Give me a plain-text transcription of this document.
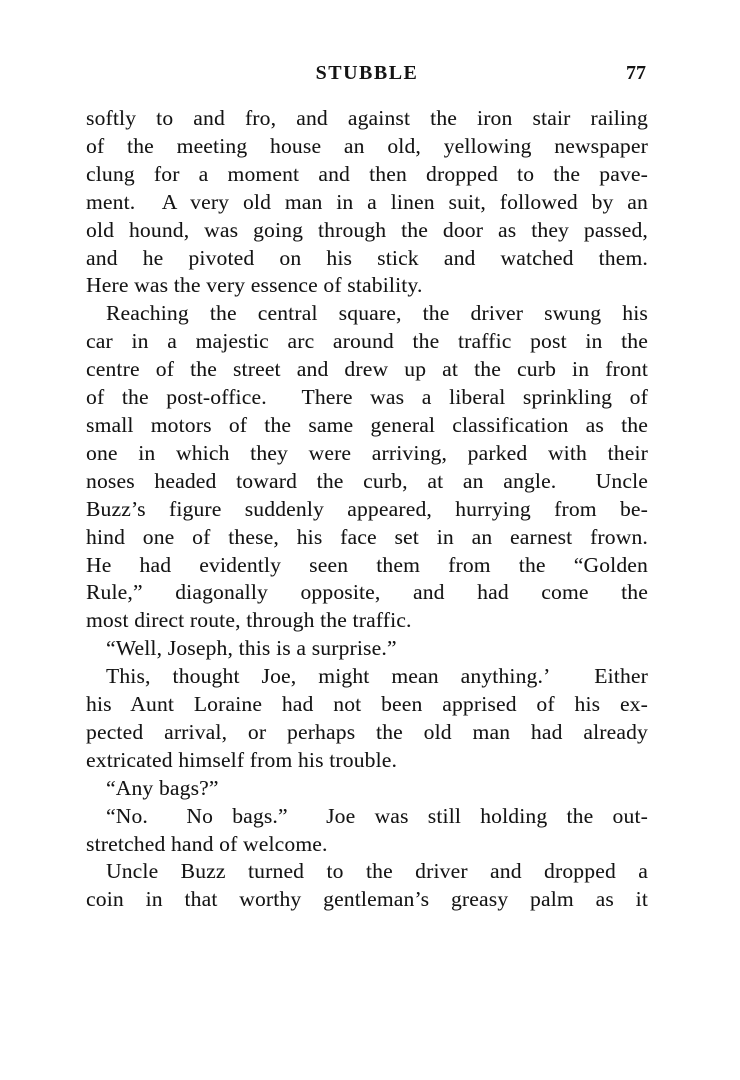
STUBBLE	77
softly to and fro, and against the iron stair railing
of the meeting house an old, yellowing newspaper
clung for a moment and then dropped to the pave-
ment.  A very old man in a linen suit, followed by an
old hound, was going through the door as they passed,
and he pivoted on his stick and watched them.
Here was the very essence of stability.
Reaching the central square, the driver swung his
car in a majestic arc around the traffic post in the
centre of the street and drew up at the curb in front
of the post-office.  There was a liberal sprinkling of
small motors of the same general classification as the
one in which they were arriving, parked with their
noses headed toward the curb, at an angle.  Uncle
Buzz’s figure suddenly appeared, hurrying from be-
hind one of these, his face set in an earnest frown.
He had evidently seen them from the “Golden
Rule,” diagonally opposite, and had come the
most direct route, through the traffic.
“Well, Joseph, this is a surprise.”
This, thought Joe, might mean anything.’  Either
his Aunt Loraine had not been apprised of his ex-
pected arrival, or perhaps the old man had already
extricated himself from his trouble.
“Any bags?”
“No.  No bags.”  Joe was still holding the out-
stretched hand of welcome.
Uncle Buzz turned to the driver and dropped a
coin in that worthy gentleman’s greasy palm as it
